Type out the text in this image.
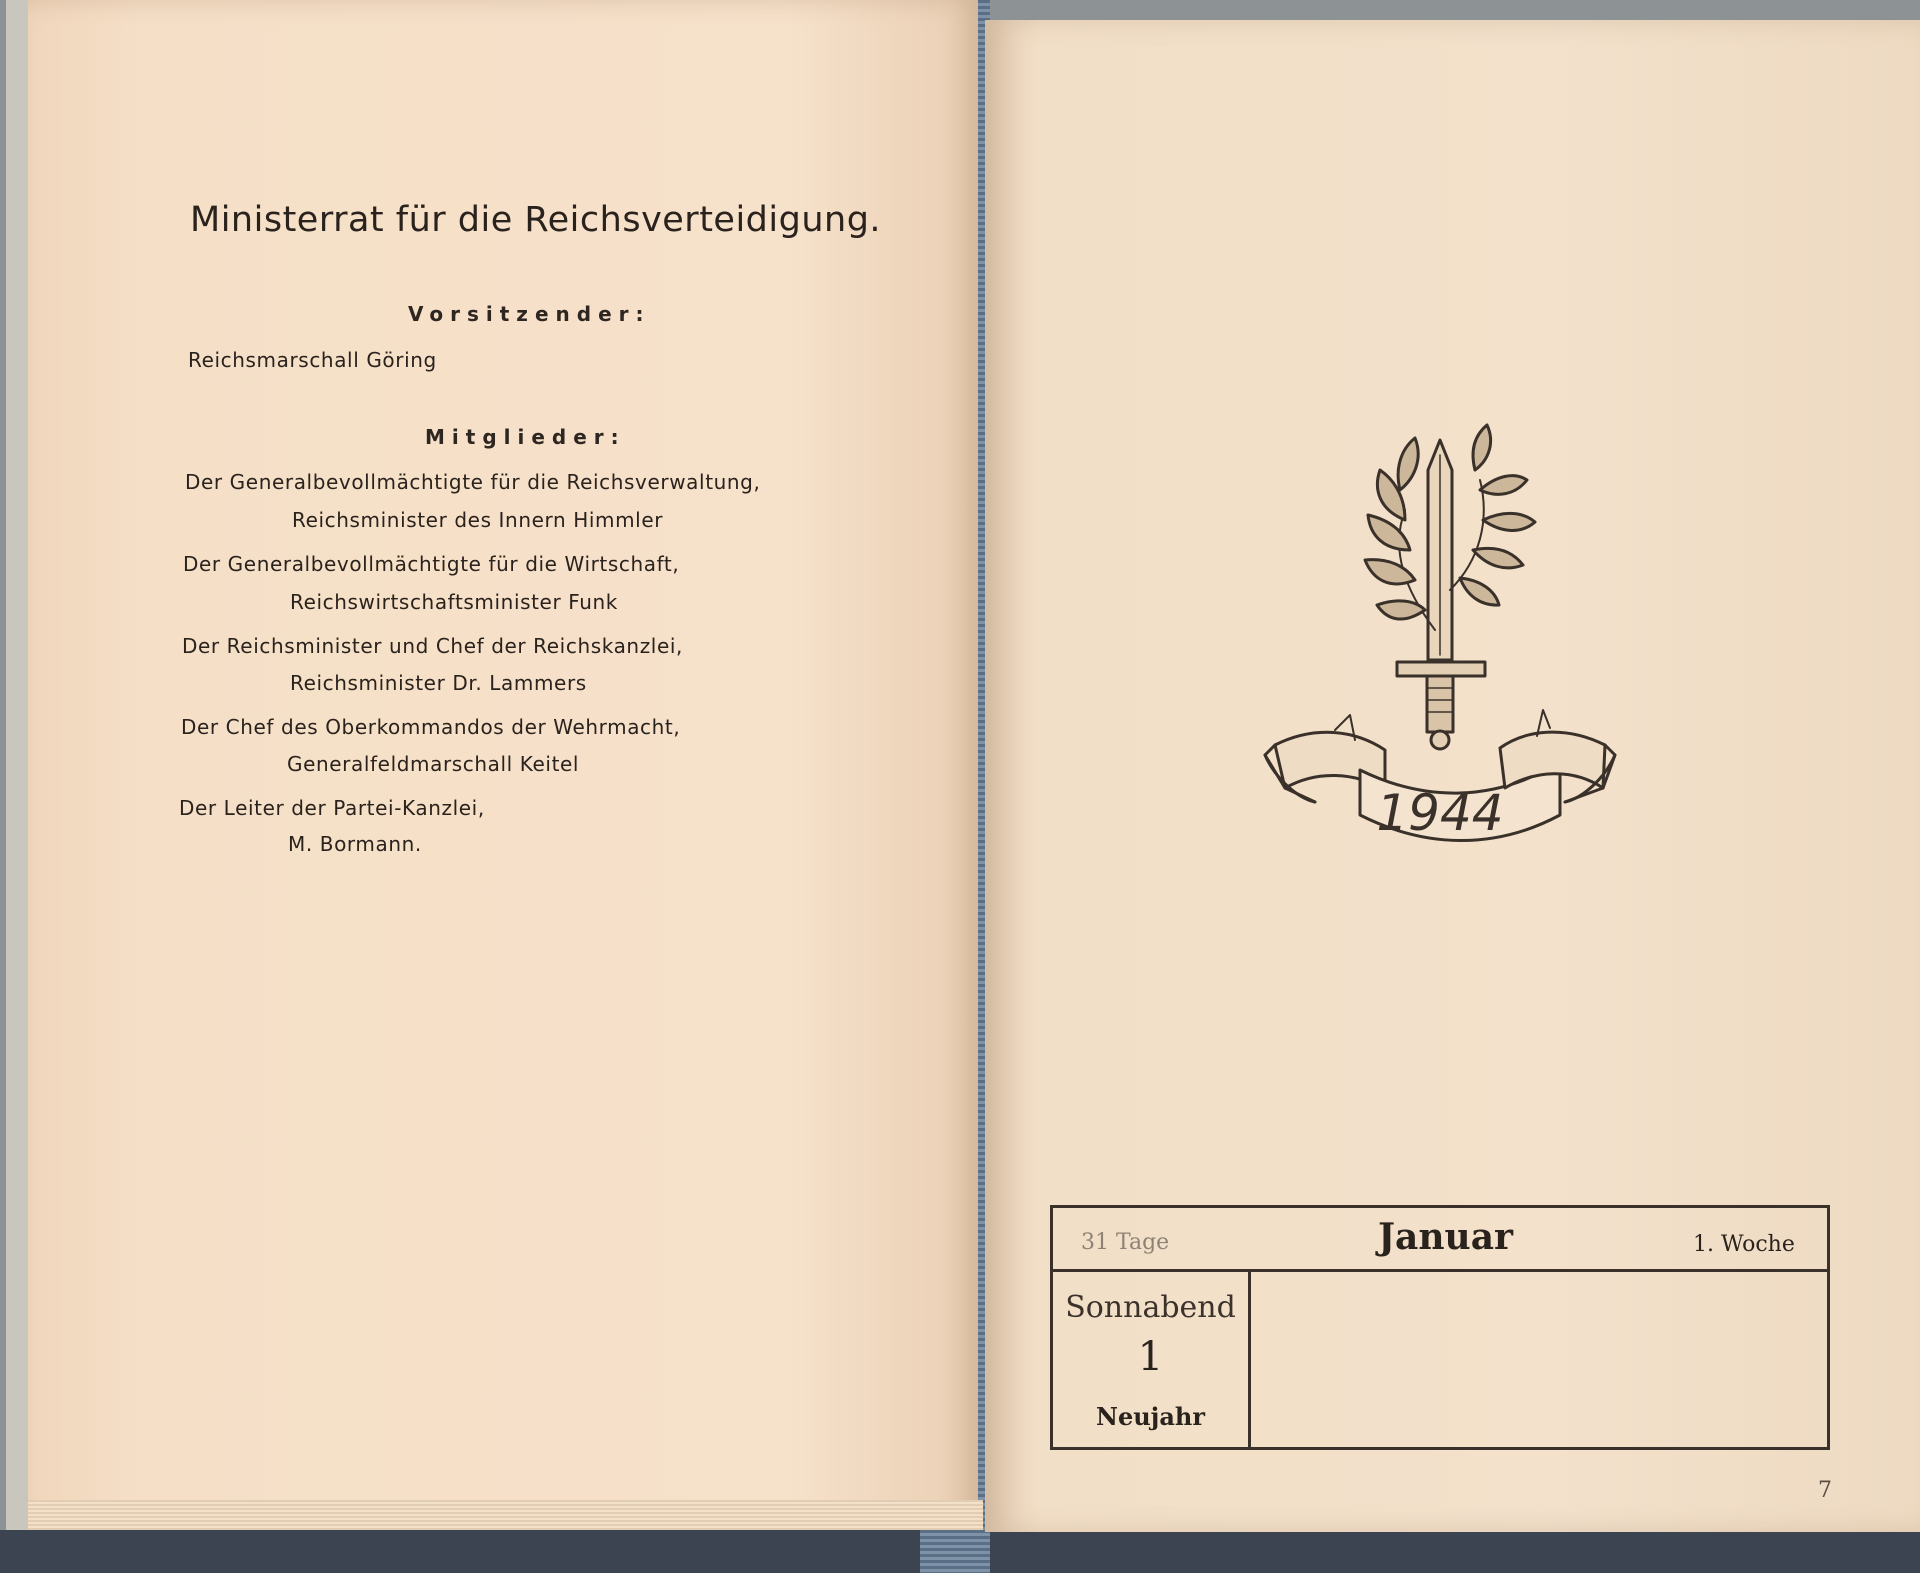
Ministerrat für die Reichsverteidigung.
Vorsitzender:
Reichsmarschall Göring
Mitglieder:
Der Generalbevollmächtigte für die Reichsverwaltung,
Reichsminister des Innern Himmler
Der Generalbevollmächtigte für die Wirtschaft,
Reichswirtschaftsminister Funk
Der Reichsminister und Chef der Reichskanzlei,
Reichsminister Dr. Lammers
Der Chef des Oberkommandos der Wehrmacht,
Generalfeldmarschall Keitel
Der Leiter der Partei-Kanzlei,
M. Bormann.
1944
31 Tage	Januar	1. Woche
Sonnabend
1
Neujahr
7
